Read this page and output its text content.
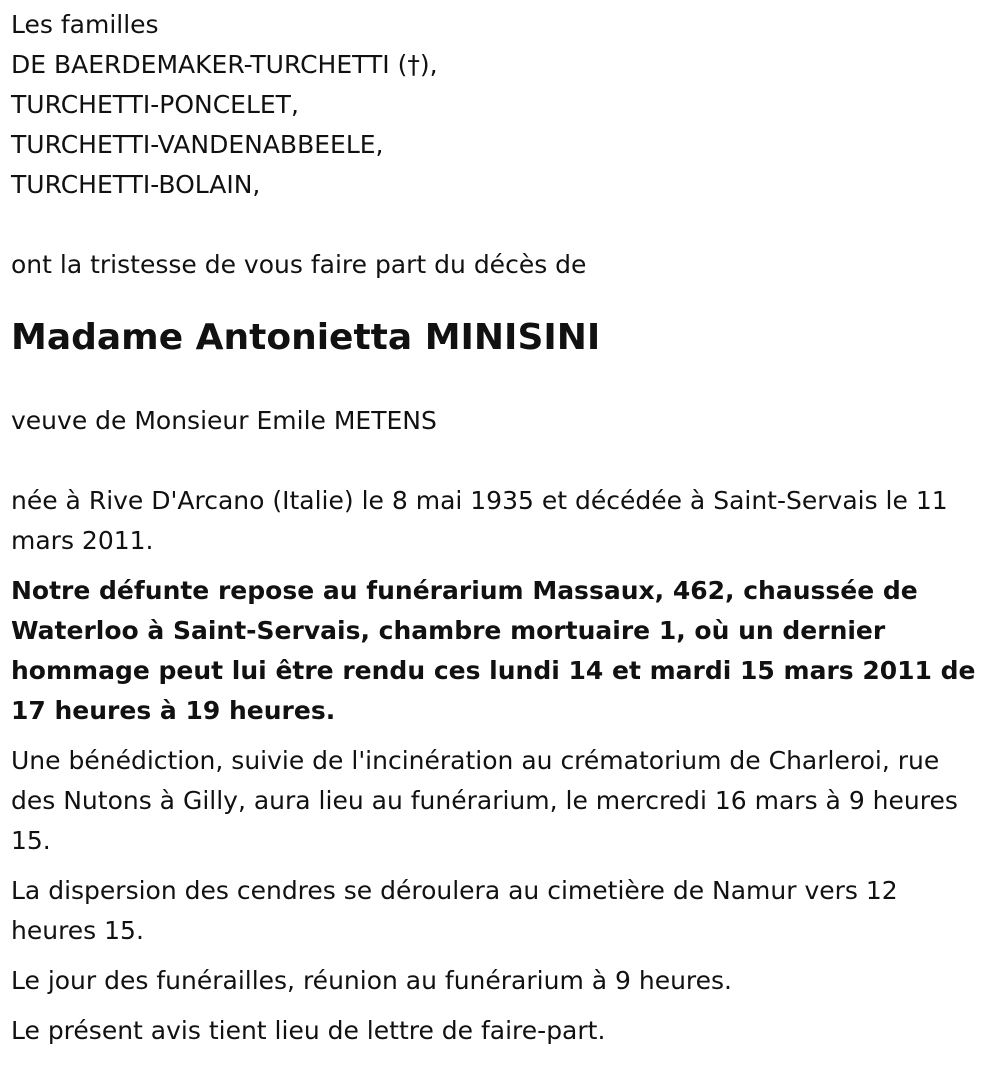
Les familles
DE BAERDEMAKER-TURCHETTI (†),
TURCHETTI-PONCELET,
TURCHETTI-VANDENABBEELE,
TURCHETTI-BOLAIN,

ont la tristesse de vous faire part du décès de

Madame Antonietta MINISINI

veuve de Monsieur Emile METENS

née à Rive D'Arcano (Italie) le 8 mai 1935 et décédée à Saint-Servais le 11 mars 2011.

Notre défunte repose au funérarium Massaux, 462, chaussée de Waterloo à Saint-Servais, chambre mortuaire 1, où un dernier hommage peut lui être rendu ces lundi 14 et mardi 15 mars 2011 de 17 heures à 19 heures.

Une bénédiction, suivie de l'incinération au crématorium de Charleroi, rue des Nutons à Gilly, aura lieu au funérarium, le mercredi 16 mars à 9 heures 15.

La dispersion des cendres se déroulera au cimetière de Namur vers 12 heures 15.

Le jour des funérailles, réunion au funérarium à 9 heures.

Le présent avis tient lieu de lettre de faire-part.
